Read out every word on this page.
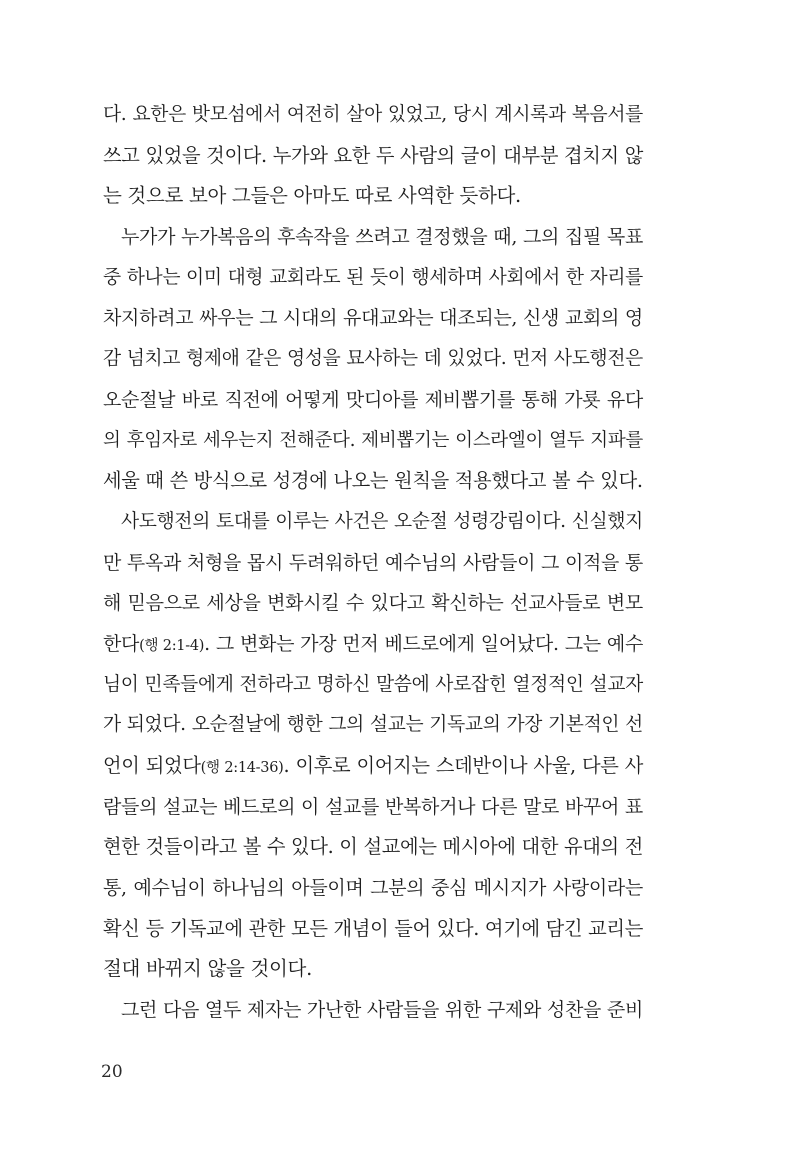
다. 요한은 밧모섬에서 여전히 살아 있었고, 당시 계시록과 복음서를
쓰고 있었을 것이다. 누가와 요한 두 사람의 글이 대부분 겹치지 않
는 것으로 보아 그들은 아마도 따로 사역한 듯하다.
누가가 누가복음의 후속작을 쓰려고 결정했을 때, 그의 집필 목표
중 하나는 이미 대형 교회라도 된 듯이 행세하며 사회에서 한 자리를
차지하려고 싸우는 그 시대의 유대교와는 대조되는, 신생 교회의 영
감 넘치고 형제애 같은 영성을 묘사하는 데 있었다. 먼저 사도행전은
오순절날 바로 직전에 어떻게 맛디아를 제비뽑기를 통해 가룟 유다
의 후임자로 세우는지 전해준다. 제비뽑기는 이스라엘이 열두 지파를
세울 때 쓴 방식으로 성경에 나오는 원칙을 적용했다고 볼 수 있다.
사도행전의 토대를 이루는 사건은 오순절 성령강림이다. 신실했지
만 투옥과 처형을 몹시 두려워하던 예수님의 사람들이 그 이적을 통
해 믿음으로 세상을 변화시킬 수 있다고 확신하는 선교사들로 변모
한다(행 2:1-4). 그 변화는 가장 먼저 베드로에게 일어났다. 그는 예수
님이 민족들에게 전하라고 명하신 말씀에 사로잡힌 열정적인 설교자
가 되었다. 오순절날에 행한 그의 설교는 기독교의 가장 기본적인 선
언이 되었다(행 2:14-36). 이후로 이어지는 스데반이나 사울, 다른 사
람들의 설교는 베드로의 이 설교를 반복하거나 다른 말로 바꾸어 표
현한 것들이라고 볼 수 있다. 이 설교에는 메시아에 대한 유대의 전
통, 예수님이 하나님의 아들이며 그분의 중심 메시지가 사랑이라는
확신 등 기독교에 관한 모든 개념이 들어 있다. 여기에 담긴 교리는
절대 바뀌지 않을 것이다.
그런 다음 열두 제자는 가난한 사람들을 위한 구제와 성찬을 준비
20
